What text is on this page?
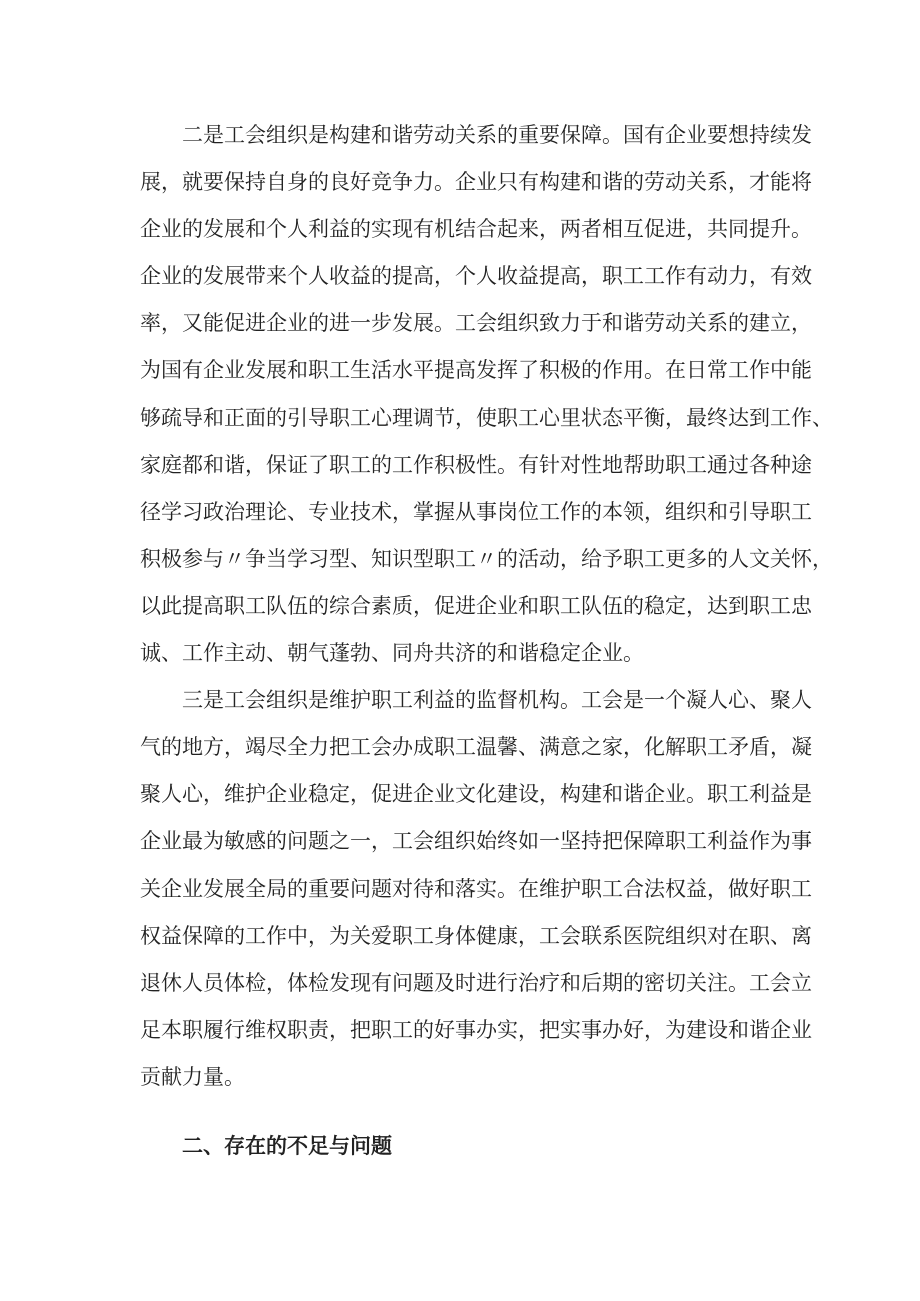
二是工会组织是构建和谐劳动关系的重要保障。国有企业要想持续发
展，就要保持自身的良好竞争力。企业只有构建和谐的劳动关系，才能将
企业的发展和个人利益的实现有机结合起来，两者相互促进，共同提升。
企业的发展带来个人收益的提高，个人收益提高，职工工作有动力，有效
率，又能促进企业的进一步发展。工会组织致力于和谐劳动关系的建立，
为国有企业发展和职工生活水平提高发挥了积极的作用。在日常工作中能
够疏导和正面的引导职工心理调节，使职工心里状态平衡，最终达到工作、
家庭都和谐，保证了职工的工作积极性。有针对性地帮助职工通过各种途
径学习政治理论、专业技术，掌握从事岗位工作的本领，组织和引导职工
积极参与〃争当学习型、知识型职工〃的活动，给予职工更多的人文关怀，
以此提高职工队伍的综合素质，促进企业和职工队伍的稳定，达到职工忠
诚、工作主动、朝气蓬勃、同舟共济的和谐稳定企业。
三是工会组织是维护职工利益的监督机构。工会是一个凝人心、聚人
气的地方，竭尽全力把工会办成职工温馨、满意之家，化解职工矛盾，凝
聚人心，维护企业稳定，促进企业文化建设，构建和谐企业。职工利益是
企业最为敏感的问题之一，工会组织始终如一坚持把保障职工利益作为事
关企业发展全局的重要问题对待和落实。在维护职工合法权益，做好职工
权益保障的工作中，为关爱职工身体健康，工会联系医院组织对在职、离
退休人员体检，体检发现有问题及时进行治疗和后期的密切关注。工会立
足本职履行维权职责，把职工的好事办实，把实事办好，为建设和谐企业
贡献力量。
二、存在的不足与问题
